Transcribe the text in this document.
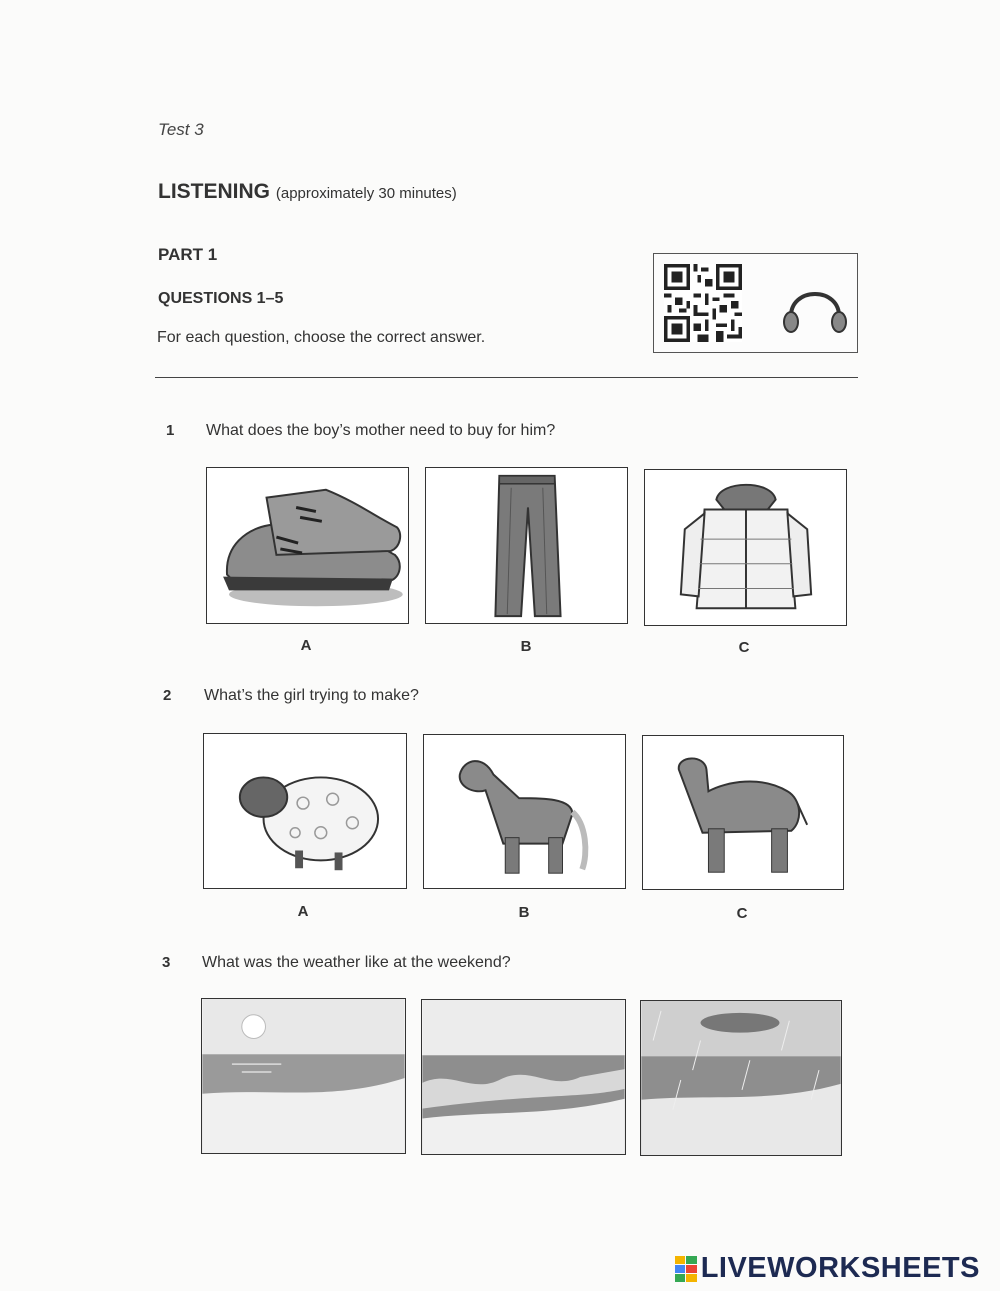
Test 3
LISTENING (approximately 30 minutes)
PART 1
QUESTIONS 1–5
For each question, choose the correct answer.
1 What does the boy’s mother need to buy for him?
A	B	C
2 What’s the girl trying to make?
A	B	C
3 What was the weather like at the weekend?
LIVEWORKSHEETS
